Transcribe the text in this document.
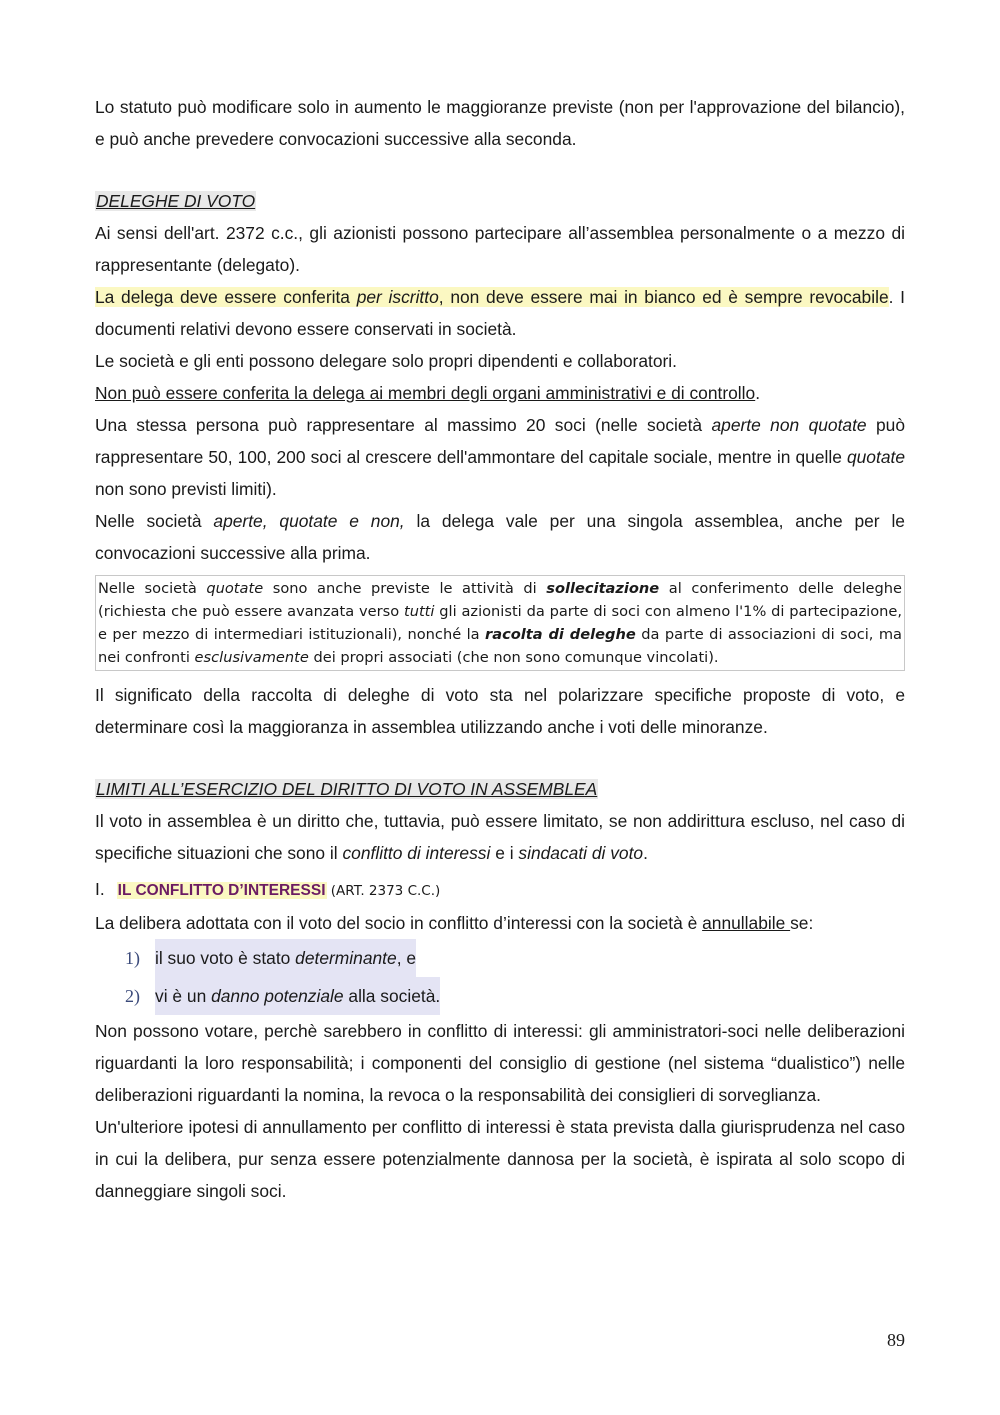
Lo statuto può modificare solo in aumento le maggioranze previste (non per l'approvazione del bilancio), e può anche prevedere convocazioni successive alla seconda.

DELEGHE DI VOTO

Ai sensi dell'art. 2372 c.c., gli azionisti possono partecipare all’assemblea personalmente o a mezzo di rappresentante (delegato).

La delega deve essere conferita per iscritto, non deve essere mai in bianco ed è sempre revocabile. I documenti relativi devono essere conservati in società.

Le società e gli enti possono delegare solo propri dipendenti e collaboratori.

Non può essere conferita la delega ai membri degli organi amministrativi e di controllo.

Una stessa persona può rappresentare al massimo 20 soci (nelle società aperte non quotate può rappresentare 50, 100, 200 soci al crescere dell'ammontare del capitale sociale, mentre in quelle quotate non sono previsti limiti).

Nelle società aperte, quotate e non, la delega vale per una singola assemblea, anche per le convocazioni successive alla prima.

Nelle società quotate sono anche previste le attività di sollecitazione al conferimento delle deleghe (richiesta che può essere avanzata verso tutti gli azionisti da parte di soci con almeno l'1% di partecipazione, e per mezzo di intermediari istituzionali), nonché la racolta di deleghe da parte di associazioni di soci, ma nei confronti esclusivamente dei propri associati (che non sono comunque vincolati).

Il significato della raccolta di deleghe di voto sta nel polarizzare specifiche proposte di voto, e determinare così la maggioranza in assemblea utilizzando anche i voti delle minoranze.

LIMITI ALL’ESERCIZIO DEL DIRITTO DI VOTO IN ASSEMBLEA

Il voto in assemblea è un diritto che, tuttavia, può essere limitato, se non addirittura escluso, nel caso di specifiche situazioni che sono il conflitto di interessi e i sindacati di voto.

I. IL CONFLITTO D’INTERESSI (ART. 2373 C.C.)

La delibera adottata con il voto del socio in conflitto d’interessi con la società è annullabile se:

1) il suo voto è stato determinante, e
2) vi è un danno potenziale alla società.

Non possono votare, perchè sarebbero in conflitto di interessi: gli amministratori-soci nelle deliberazioni riguardanti la loro responsabilità; i componenti del consiglio di gestione (nel sistema “dualistico”) nelle deliberazioni riguardanti la nomina, la revoca o la responsabilità dei consiglieri di sorveglianza.

Un'ulteriore ipotesi di annullamento per conflitto di interessi è stata prevista dalla giurisprudenza nel caso in cui la delibera, pur senza essere potenzialmente dannosa per la società, è ispirata al solo scopo di danneggiare singoli soci.

89
